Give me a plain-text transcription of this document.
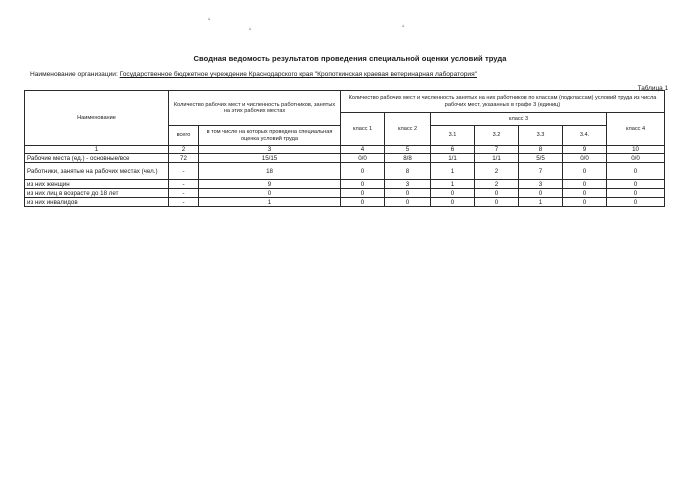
ʻ
ʻ	ʻ
Сводная ведомость результатов проведения специальной оценки условий труда
Наименование организации: Государственное бюджетное учреждение Краснодарского края "Кропоткинская краевая ветеринарная лаборатория"
Таблица 1
Наименование	Количество рабочих мест и численность работников, занятых на этих рабочих местах		Количество рабочих мест и численность занятых на них работников по классам (подклассам) условий труда из числа рабочих мест, указанных в графе 3 (единиц)						
			класс 1	класс 2	класс 3				класс 4
	всего	в том числе на которых проведена специальная оценка условий труда			3.1	3.2	3.3	3.4.	
1	2	3	4	5	6	7	8	9	10
Рабочие места (ед.) - основные/все	72	15/15	0/0	8/8	1/1	1/1	5/5	0/0	0/0
Работники, занятые на рабочих местах (чел.)	-	18	0	8	1	2	7	0	0
из них женщин	-	9	0	3	1	2	3	0	0
из них лиц в возрасте до 18 лет	-	0	0	0	0	0	0	0	0
из них инвалидов	-	1	0	0	0	0	1	0	0
